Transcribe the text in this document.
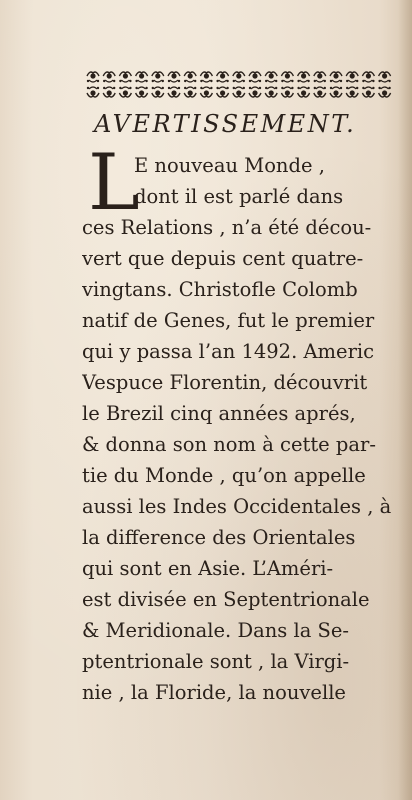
AVERTISSEMENT.
L
E nouveau Monde ,
dont il est parlé dans
ces Relations , n’a été décou-
vert que depuis cent quatre-
vingtans. Christofle Colomb
natif de Genes, fut le premier
qui y passa l’an 1492. Americ
Vespuce Florentin, découvrit
le Brezil cinq années aprés,
& donna son nom à cette par-
tie du Monde , qu’on appelle
aussi les Indes Occidentales , à
la difference des Orientales
qui sont en Asie. L’Améri-
est divisée en Septentrionale
& Meridionale. Dans la Se-
ptentrionale sont , la Virgi-
nie , la Floride, la nouvelle
